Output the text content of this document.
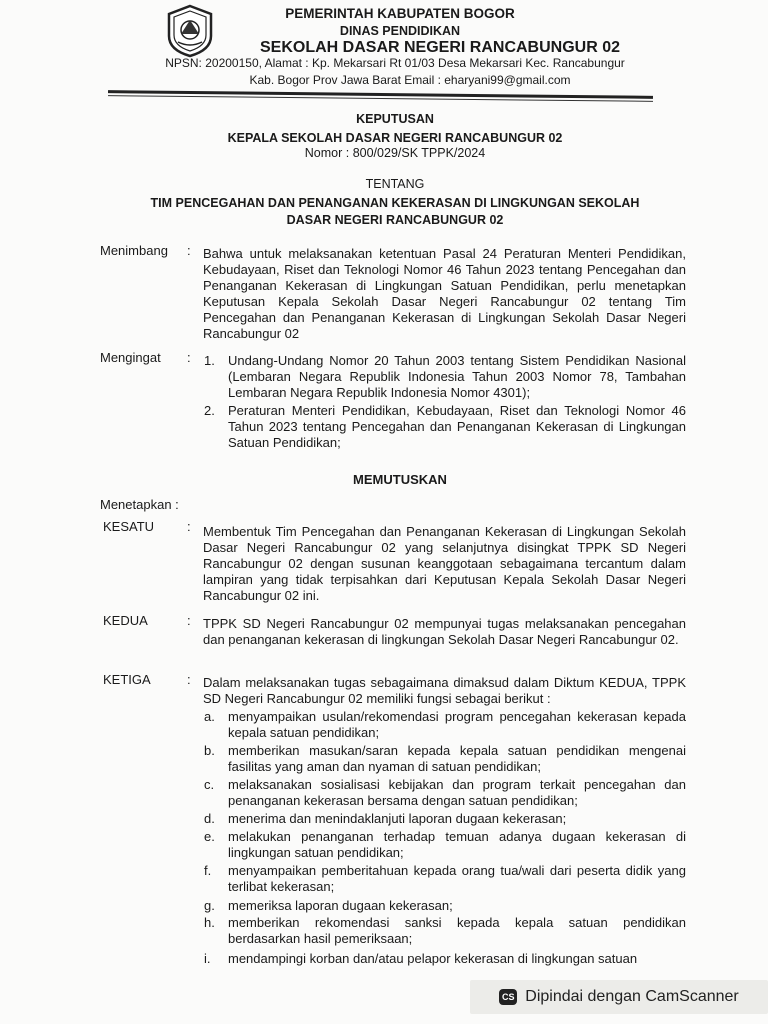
PEMERINTAH KABUPATEN BOGOR
DINAS PENDIDIKAN
SEKOLAH DASAR NEGERI RANCABUNGUR 02
NPSN: 20200150, Alamat : Kp. Mekarsari Rt 01/03 Desa Mekarsari Kec. Rancabungur
Kab. Bogor Prov Jawa Barat Email : eharyani99@gmail.com
KEPUTUSAN
KEPALA SEKOLAH DASAR NEGERI RANCABUNGUR 02
Nomor : 800/029/SK TPPK/2024
TENTANG
TIM PENCEGAHAN DAN PENANGANAN KEKERASAN DI LINGKUNGAN SEKOLAH
DASAR NEGERI RANCABUNGUR 02
Menimbang : Bahwa untuk melaksanakan ketentuan Pasal 24 Peraturan Menteri Pendidikan, Kebudayaan, Riset dan Teknologi Nomor 46 Tahun 2023 tentang Pencegahan dan Penanganan Kekerasan di Lingkungan Satuan Pendidikan, perlu menetapkan Keputusan Kepala Sekolah Dasar Negeri Rancabungur 02 tentang Tim Pencegahan dan Penanganan Kekerasan di Lingkungan Sekolah Dasar Negeri Rancabungur 02
Mengingat : 1. Undang-Undang Nomor 20 Tahun 2003 tentang Sistem Pendidikan Nasional (Lembaran Negara Republik Indonesia Tahun 2003 Nomor 78, Tambahan Lembaran Negara Republik Indonesia Nomor 4301);
2. Peraturan Menteri Pendidikan, Kebudayaan, Riset dan Teknologi Nomor 46 Tahun 2023 tentang Pencegahan dan Penanganan Kekerasan di Lingkungan Satuan Pendidikan;
MEMUTUSKAN
Menetapkan :
KESATU	: Membentuk Tim Pencegahan dan Penanganan Kekerasan di Lingkungan Sekolah Dasar Negeri Rancabungur 02 yang selanjutnya disingkat TPPK SD Negeri Rancabungur 02 dengan susunan keanggotaan sebagaimana tercantum dalam lampiran yang tidak terpisahkan dari Keputusan Kepala Sekolah Dasar Negeri Rancabungur 02 ini.
KEDUA	: TPPK SD Negeri Rancabungur 02 mempunyai tugas melaksanakan pencegahan dan penanganan kekerasan di lingkungan Sekolah Dasar Negeri Rancabungur 02.
KETIGA	: Dalam melaksanakan tugas sebagaimana dimaksud dalam Diktum KEDUA, TPPK SD Negeri Rancabungur 02 memiliki fungsi sebagai berikut :
a. menyampaikan usulan/rekomendasi program pencegahan kekerasan kepada kepala satuan pendidikan;
b. memberikan masukan/saran kepada kepala satuan pendidikan mengenai fasilitas yang aman dan nyaman di satuan pendidikan;
c. melaksanakan sosialisasi kebijakan dan program terkait pencegahan dan penanganan kekerasan bersama dengan satuan pendidikan;
d. menerima dan menindaklanjuti laporan dugaan kekerasan;
e. melakukan penanganan terhadap temuan adanya dugaan kekerasan di lingkungan satuan pendidikan;
f. menyampaikan pemberitahuan kepada orang tua/wali dari peserta didik yang terlibat kekerasan;
g. memeriksa laporan dugaan kekerasan;
h. memberikan rekomendasi sanksi kepada kepala satuan pendidikan berdasarkan hasil pemeriksaan;
i. mendampingi korban dan/atau pelapor kekerasan di lingkungan satuan
CS Dipindai dengan CamScanner
